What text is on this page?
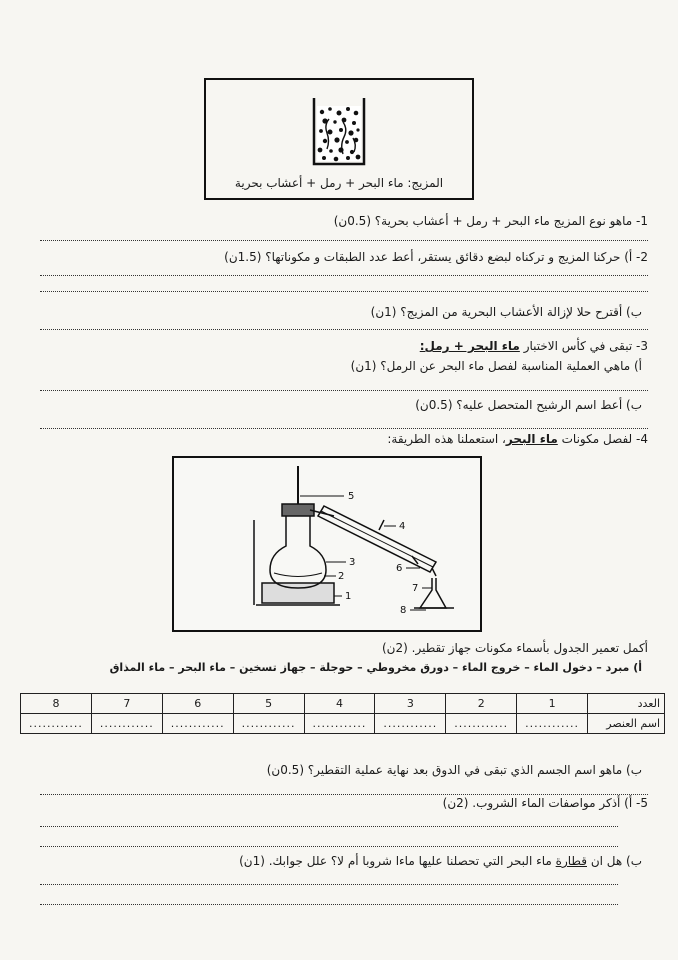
المزيج: ماء البحر + رمل + أعشاب بحرية
1- ماهو نوع المزيج ماء البحر + رمل + أعشاب بحرية؟ (0.5ن)
2- أ) حركنا المزيج و تركناه لبضع دقائق يستقر، أعط عدد الطبقات و مكوناتها؟ (1.5ن)
ب) أقترح حلا لإزالة الأعشاب البحرية من المزيج؟ (1ن)
3- تبقى في كأس الاختبار ماء البحر + رمل:
أ) ماهي العملية المناسبة لفصل ماء البحر عن الرمل؟ (1ن)
ب) أعط اسم الرشيح المتحصل عليه؟ (0.5ن)
4- لفصل مكونات ماء البحر، استعملنا هذه الطريقة:
5
4
3
6
2
1
7
8
أكمل تعمير الجدول بأسماء مكونات جهاز تقطير. (2ن)
أ) مبرد – دخول الماء – خروج الماء – دورق مخروطي – حوجلة – جهاز تسخين – ماء البحر – ماء المذاق
العدد	1	2	3	4	5	6	7	8
اسم العنصر	............	............	............	............	............	............	............	............
ب) ماهو اسم الجسم الذي تبقى في الدوق بعد نهاية عملية التقطير؟ (0.5ن)
5- أ) أذكر مواصفات الماء الشروب. (2ن)
ب) هل ان قطارة ماء البحر التي تحصلنا عليها ماءا شروبا أم لا؟ علل جوابك. (1ن)
